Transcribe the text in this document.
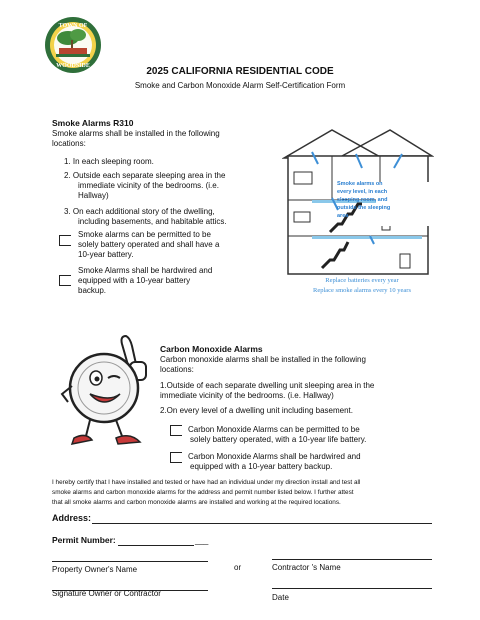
TOWN OF
WOODSIDE	2025 CALIFORNIA RESIDENTIAL CODE
Smoke and Carbon Monoxide Alarm Self-Certification Form
Smoke Alarms R310
Smoke alarms shall be installed in the following
locations:
1. In each sleeping room.
2. Outside each separate sleeping area in the
immediate vicinity of the bedrooms. (i.e.
Hallway)
3. On each additional story of the dwelling,
including basements, and habitable attics.
Smoke alarms can be permitted to be
solely battery operated and shall have a
10-year battery.
Smoke Alarms shall be hardwired and
equipped with a 10-year battery
backup.
Smoke alarms on
every level, in each
sleeping room, and
outside the sleeping
area
Replace batteries every year
Replace smoke alarms every 10 years
Carbon Monoxide Alarms
Carbon monoxide alarms shall be installed in the following
locations:
1.Outside of each separate dwelling unit sleeping area in the
immediate vicinity of the bedrooms. (i.e. Hallway)
2.On every level of a dwelling unit including basement.
Carbon Monoxide Alarms can be permitted to be
solely battery operated, with a 10-year life battery.
Carbon Monoxide Alarms shall be hardwired and
equipped with a 10-year battery backup.
I hereby certify that I have installed and tested or have had an individual under my direction install and test all
smoke alarms and carbon monoxide alarms for the address and permit number listed below. I further attest
that all smoke alarms and carbon monoxide alarms are installed and working at the required locations.
Address:
Permit Number:	___
Property Owner's Name	or	Contractor 's Name
Signature Owner or Contractor	Date
